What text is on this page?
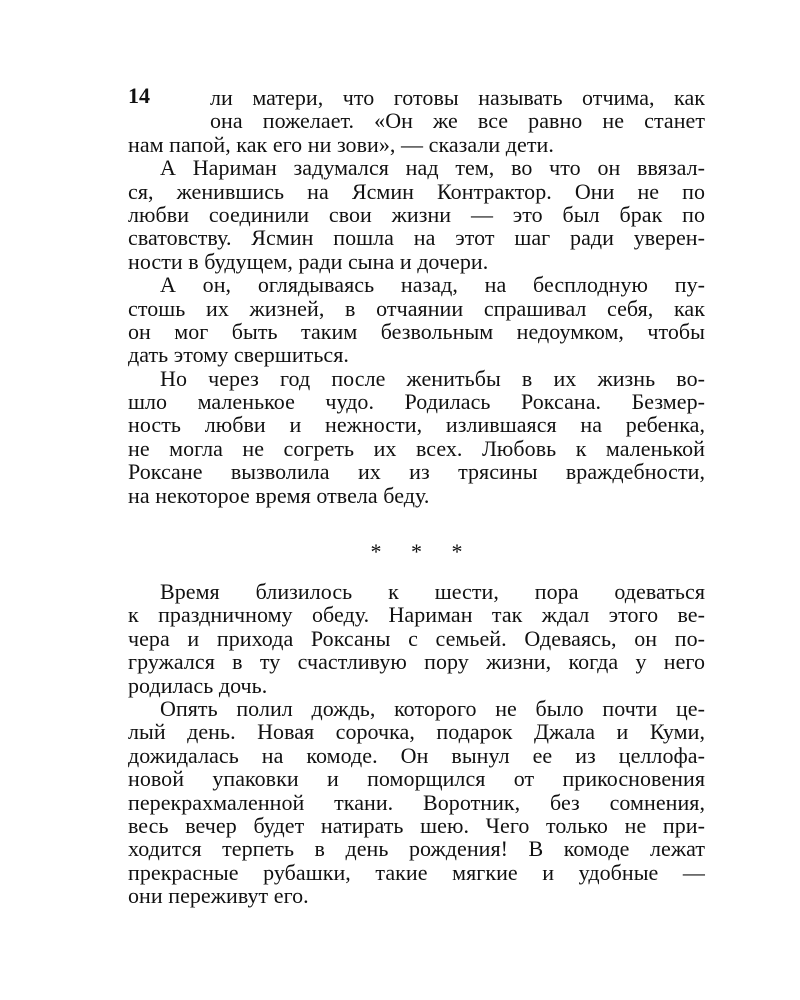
14	ли матери, что готовы называть отчима, как
она пожелает. «Он же все равно не станет
нам папой, как его ни зови», — сказали дети.
А Нариман задумался над тем, во что он ввязал-
ся, женившись на Ясмин Контрактор. Они не по
любви соединили свои жизни — это был брак по
сватовству. Ясмин пошла на этот шаг ради уверен-
ности в будущем, ради сына и дочери.
А он, оглядываясь назад, на бесплодную пу-
стошь их жизней, в отчаянии спрашивал себя, как
он мог быть таким безвольным недоумком, чтобы
дать этому свершиться.
Но через год после женитьбы в их жизнь во-
шло маленькое чудо. Родилась Роксана. Безмер-
ность любви и нежности, излившаяся на ребенка,
не могла не согреть их всех. Любовь к маленькой
Роксане вызволила их из трясины враждебности,
на некоторое время отвела беду.
* * *
Время близилось к шести, пора одеваться
к праздничному обеду. Нариман так ждал этого ве-
чера и прихода Роксаны с семьей. Одеваясь, он по-
гружался в ту счастливую пору жизни, когда у него
родилась дочь.
Опять полил дождь, которого не было почти це-
лый день. Новая сорочка, подарок Джала и Куми,
дожидалась на комоде. Он вынул ее из целлофа-
новой упаковки и поморщился от прикосновения
перекрахмаленной ткани. Воротник, без сомнения,
весь вечер будет натирать шею. Чего только не при-
ходится терпеть в день рождения! В комоде лежат
прекрасные рубашки, такие мягкие и удобные —
они переживут его.
